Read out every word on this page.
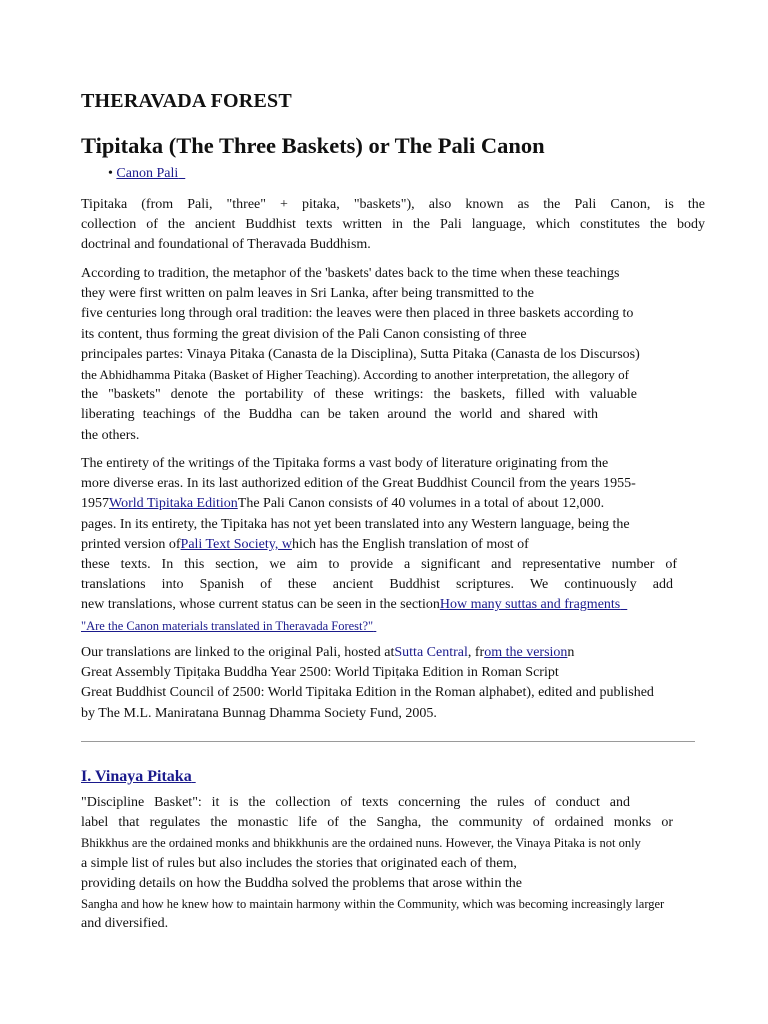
THERAVADA FOREST
Tipitaka (The Three Baskets) or The Pali Canon
• Canon Pali
Tipitaka (from Pali, "three" + pitaka, "baskets"), also known as the Pali Canon, is the
collection of the ancient Buddhist texts written in the Pali language, which constitutes the body
doctrinal and foundational of Theravada Buddhism.
According to tradition, the metaphor of the 'baskets' dates back to the time when these teachings
they were first written on palm leaves in Sri Lanka, after being transmitted to the
five centuries long through oral tradition: the leaves were then placed in three baskets according to
its content, thus forming the great division of the Pali Canon consisting of three
principales partes: Vinaya Pitaka (Canasta de la Disciplina), Sutta Pitaka (Canasta de los Discursos)
the Abhidhamma Pitaka (Basket of Higher Teaching). According to another interpretation, the allegory of
the "baskets" denote the portability of these writings: the baskets, filled with valuable
liberating teachings of the Buddha can be taken around the world and shared with
the others.
The entirety of the writings of the Tipitaka forms a vast body of literature originating from the
more diverse eras. In its last authorized edition of the Great Buddhist Council from the years 1955-
1957World Tipitaka EditionThe Pali Canon consists of 40 volumes in a total of about 12,000.
pages. In its entirety, the Tipitaka has not yet been translated into any Western language, being the
printed version ofPali Text Society, which has the English translation of most of
these texts. In this section, we aim to provide a significant and representative number of
translations into Spanish of these ancient Buddhist scriptures. We continuously add
new translations, whose current status can be seen in the sectionHow many suttas and fragments
"Are the Canon materials translated in Theravada Forest?"
Our translations are linked to the original Pali, hosted atSutta Central, from the versionn
Great Assembly Tipiṭaka Buddha Year 2500: World Tipiṭaka Edition in Roman Script
Great Buddhist Council of 2500: World Tipitaka Edition in the Roman alphabet), edited and published
by The M.L. Maniratana Bunnag Dhamma Society Fund, 2005.
I. Vinaya Pitaka
"Discipline Basket": it is the collection of texts concerning the rules of conduct and
label that regulates the monastic life of the Sangha, the community of ordained monks or
Bhikkhus are the ordained monks and bhikkhunis are the ordained nuns. However, the Vinaya Pitaka is not only
a simple list of rules but also includes the stories that originated each of them,
providing details on how the Buddha solved the problems that arose within the
Sangha and how he knew how to maintain harmony within the Community, which was becoming increasingly larger
and diversified.
